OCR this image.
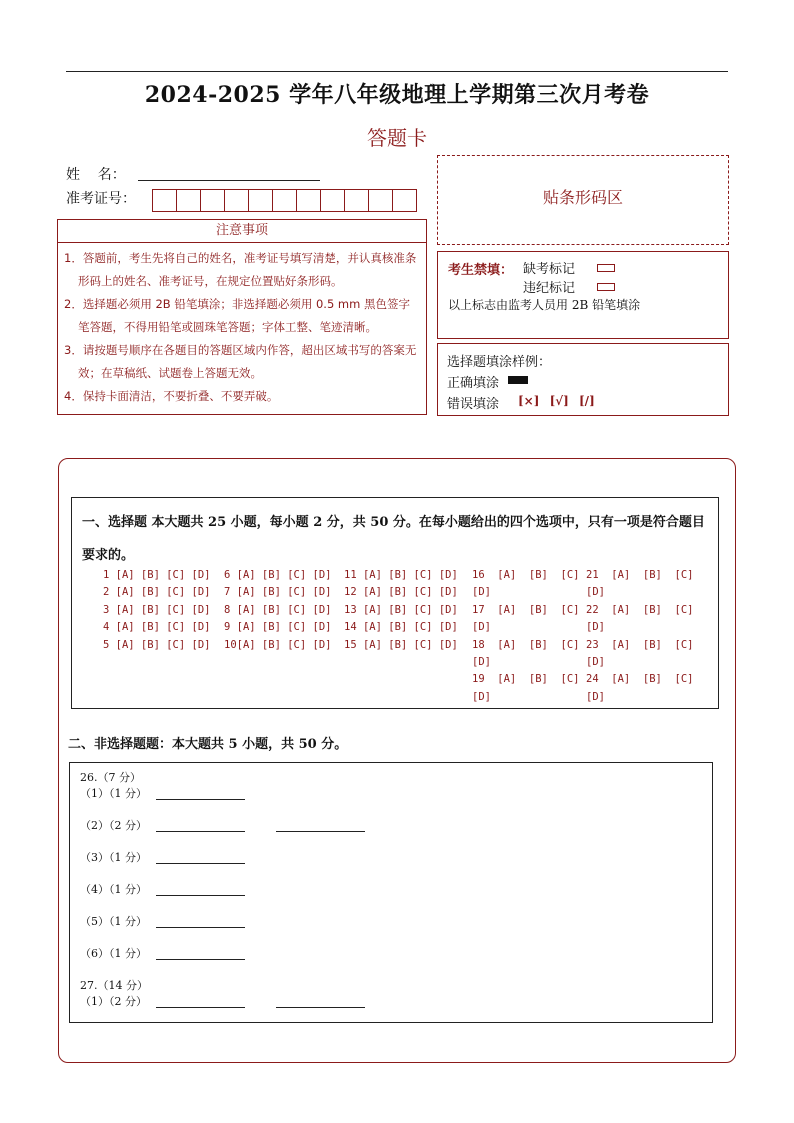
2024-2025 学年八年级地理上学期第三次月考卷
答题卡
姓    名：
准考证号：
注意事项
1．答题前，考生先将自己的姓名，准考证号填写清楚，并认真核准条形码上的姓名、准考证号，在规定位置贴好条形码。
2．选择题必须用 2B 铅笔填涂；非选择题必须用 0.5 mm 黑色签字笔答题，不得用铅笔或圆珠笔答题；字体工整、笔迹清晰。
3．请按题号顺序在各题目的答题区域内作答，超出区域书写的答案无效；在草稿纸、试题卷上答题无效。
4．保持卡面清洁，不要折叠、不要弄破。
贴条形码区
考生禁填： 缺考标记
违纪标记
以上标志由监考人员用 2B 铅笔填涂
选择题填涂样例：
正确填涂
错误填涂 [×] [√] [/]
一、选择题 本大题共 25 小题，每小题 2 分，共 50 分。在每小题给出的四个选项中，只有一项是符合题目要求的。
1 [A] [B] [C] [D]
2 [A] [B] [C] [D]
3 [A] [B] [C] [D]
4 [A] [B] [C] [D]
5 [A] [B] [C] [D]
6 [A] [B] [C] [D]
7 [A] [B] [C] [D]
8 [A] [B] [C] [D]
9 [A] [B] [C] [D]
10[A] [B] [C] [D]
11 [A] [B] [C] [D]
12 [A] [B] [C] [D]
13 [A] [B] [C] [D]
14 [A] [B] [C] [D]
15 [A] [B] [C] [D]
16  [A]  [B]  [C]
[D]
17  [A]  [B]  [C]
[D]
18  [A]  [B]  [C]
[D]
19  [A]  [B]  [C]
[D]
21  [A]  [B]  [C]
[D]
22  [A]  [B]  [C]
[D]
23  [A]  [B]  [C]
[D]
24  [A]  [B]  [C]
[D]
二、非选择题题：本大题共 5 小题，共 50 分。
26.（7 分）
（1）（1 分）
（2）（2 分）
（3）（1 分）
（4）（1 分）
（5）（1 分）
（6）（1 分）
27.（14 分）
（1）（2 分）
